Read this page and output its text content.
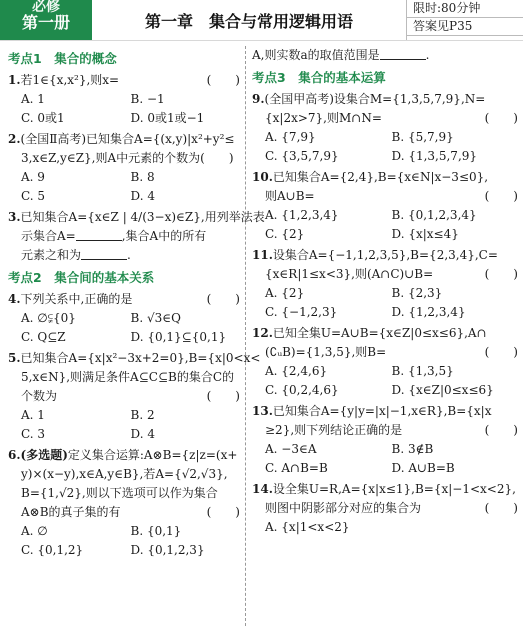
必修
第一册	第一章　集合与常用逻辑用语
限时:80分钟
答案见P35
考点1　集合的概念
1.若1∈{x,x²},则x=	(　　)
A. 1	B. −1
C. 0或1	D. 0或1或−1
2.(全国Ⅱ高考)已知集合A={(x,y)|x²+y²≤
3,x∈Z,y∈Z},则A中元素的个数为(　　)
A. 9	B. 8
C. 5	D. 4
3.已知集合A={x∈Z | 4/(3−x)∈Z},用列举法表
示集合A=	,集合A中的所有
元素之和为	.
考点2　集合间的基本关系
4.下列关系中,正确的是	(　　)
A. ∅⫋{0}	B. √3∈Q
C. Q⊆Z	D. {0,1}⊆{0,1}
5.已知集合A={x|x²−3x+2=0},B={x|0<x<
5,x∈N},则满足条件A⊆C⊆B的集合C的
个数为	(　　)
A. 1	B. 2
C. 3	D. 4
6.(多选题)定义集合运算:A⊗B={z|z=(x+
y)×(x−y),x∈A,y∈B},若A={√2,√3},
B={1,√2},则以下选项可以作为集合
A⊗B的真子集的有	(　　)
A. ∅	B. {0,1}
C. {0,1,2}	D. {0,1,2,3}
A,则实数a的取值范围是	.
考点3　集合的基本运算
9.(全国甲高考)设集合M={1,3,5,7,9},N=
{x|2x>7},则M∩N=	(　　)
A. {7,9}	B. {5,7,9}
C. {3,5,7,9}	D. {1,3,5,7,9}
10.已知集合A={2,4},B={x∈N|x−3≤0},
则A∪B=	(　　)
A. {1,2,3,4}	B. {0,1,2,3,4}
C. {2}	D. {x|x≤4}
11.设集合A={−1,1,2,3,5},B={2,3,4},C=
{x∈R|1≤x<3},则(A∩C)∪B=	(　　)
A. {2}	B. {2,3}
C. {−1,2,3}	D. {1,2,3,4}
12.已知全集U=A∪B={x∈Z|0≤x≤6},A∩
(∁ᵤB)={1,3,5},则B=	(　　)
A. {2,4,6}	B. {1,3,5}
C. {0,2,4,6}	D. {x∈Z|0≤x≤6}
13.已知集合A={y|y=|x|−1,x∈R},B={x|x
≥2},则下列结论正确的是	(　　)
A. −3∈A	B. 3∉B
C. A∩B=B	D. A∪B=B
14.设全集U=R,A={x|x≤1},B={x|−1<x<2},
则图中阴影部分对应的集合为	(　　)
A. {x|1<x<2}
